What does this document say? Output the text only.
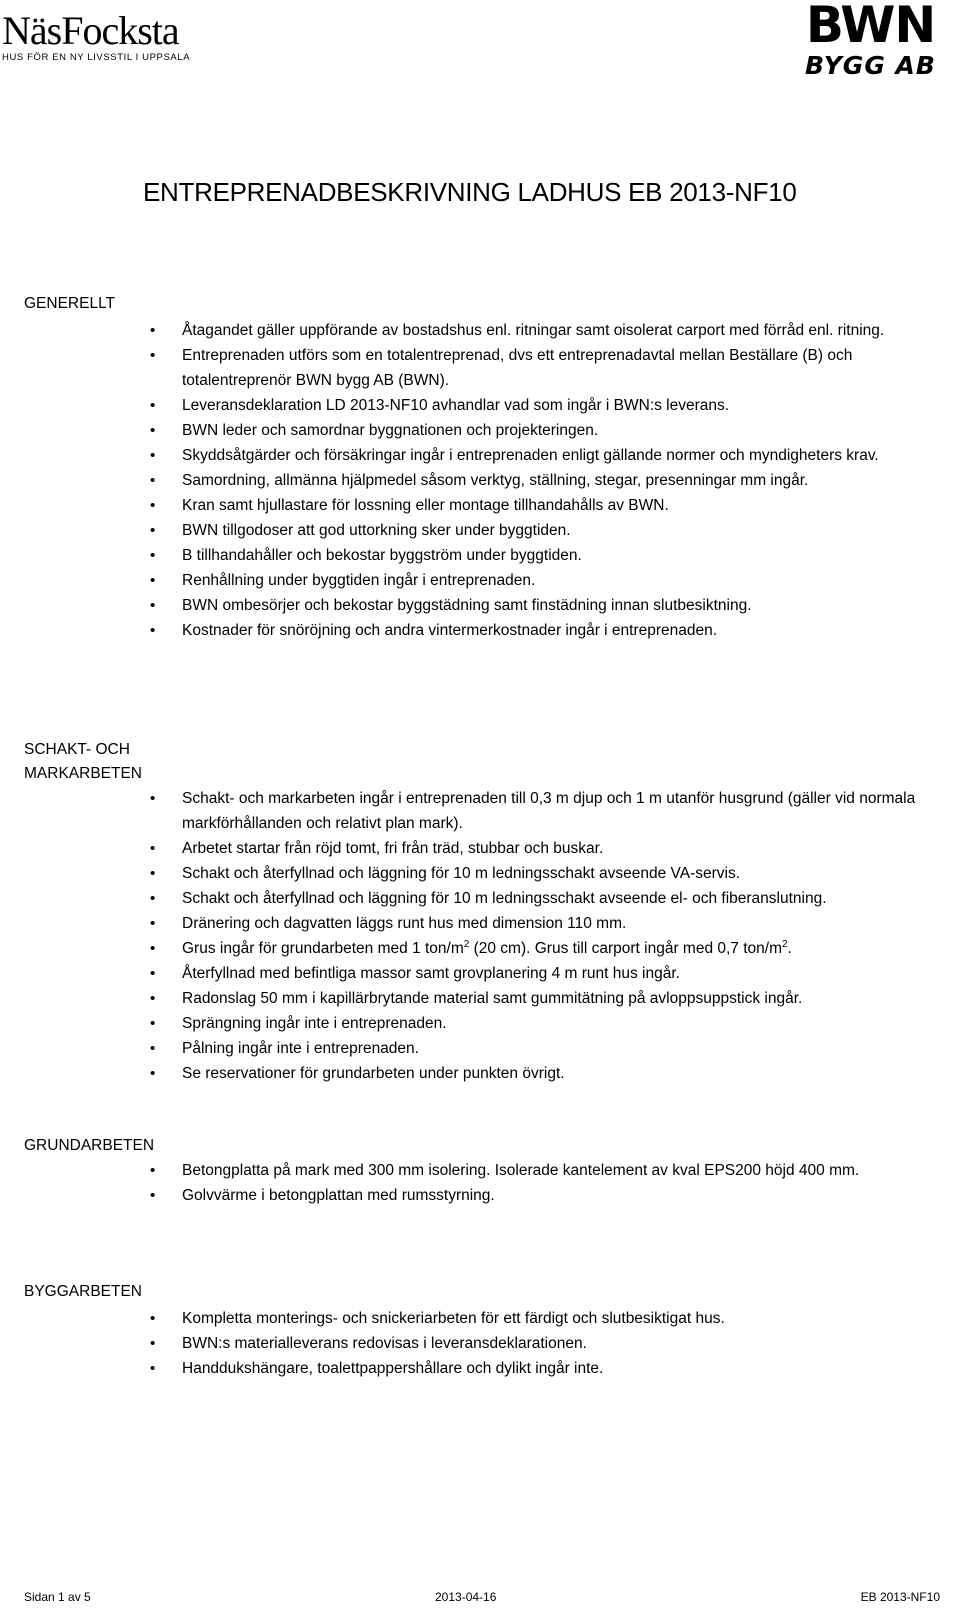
NäsFocksta
HUS FÖR EN NY LIVSSTIL I UPPSALA
BWN
BYGG AB
ENTREPRENADBESKRIVNING LADHUS EB 2013-NF10
GENERELLT
• Åtagandet gäller uppförande av bostadshus enl. ritningar samt oisolerat carport med förråd enl. ritning.
• Entreprenaden utförs som en totalentreprenad, dvs ett entreprenadavtal mellan Beställare (B) och totalentreprenör BWN bygg AB (BWN).
• Leveransdeklaration LD 2013-NF10 avhandlar vad som ingår i BWN:s leverans.
• BWN leder och samordnar byggnationen och projekteringen.
• Skyddsåtgärder och försäkringar ingår i entreprenaden enligt gällande normer och myndigheters krav.
• Samordning, allmänna hjälpmedel såsom verktyg, ställning, stegar, presenningar mm ingår.
• Kran samt hjullastare för lossning eller montage tillhandahålls av BWN.
• BWN tillgodoser att god uttorkning sker under byggtiden.
• B tillhandahåller och bekostar byggström under byggtiden.
• Renhållning under byggtiden ingår i entreprenaden.
• BWN ombesörjer och bekostar byggstädning samt finstädning innan slutbesiktning.
• Kostnader för snöröjning och andra vintermerkostnader ingår i entreprenaden.
SCHAKT- OCH
MARKARBETEN
• Schakt- och markarbeten ingår i entreprenaden till 0,3 m djup och 1 m utanför husgrund (gäller vid normala markförhållanden och relativt plan mark).
• Arbetet startar från röjd tomt, fri från träd, stubbar och buskar.
• Schakt och återfyllnad och läggning för 10 m ledningsschakt avseende VA-servis.
• Schakt och återfyllnad och läggning för 10 m ledningsschakt avseende el- och fiberanslutning.
• Dränering och dagvatten läggs runt hus med dimension 110 mm.
• Grus ingår för grundarbeten med 1 ton/$m^2$ (20 cm). Grus till carport ingår med 0,7 ton/$m^2$.
• Återfyllnad med befintliga massor samt grovplanering 4 m runt hus ingår.
• Radonslag 50 mm i kapillärbrytande material samt gummitätning på avloppsuppstick ingår.
• Sprängning ingår inte i entreprenaden.
• Pålning ingår inte i entreprenaden.
• Se reservationer för grundarbeten under punkten övrigt.
GRUNDARBETEN
• Betongplatta på mark med 300 mm isolering. Isolerade kantelement av kval EPS200 höjd 400 mm.
• Golvvärme i betongplattan med rumsstyrning.
BYGGARBETEN
• Kompletta monterings- och snickeriarbeten för ett färdigt och slutbesiktigat hus.
• BWN:s materialleverans redovisas i leveransdeklarationen.
• Handdukshängare, toalettpappershållare och dylikt ingår inte.
Sidan 1 av 5	2013-04-16	EB 2013-NF10
